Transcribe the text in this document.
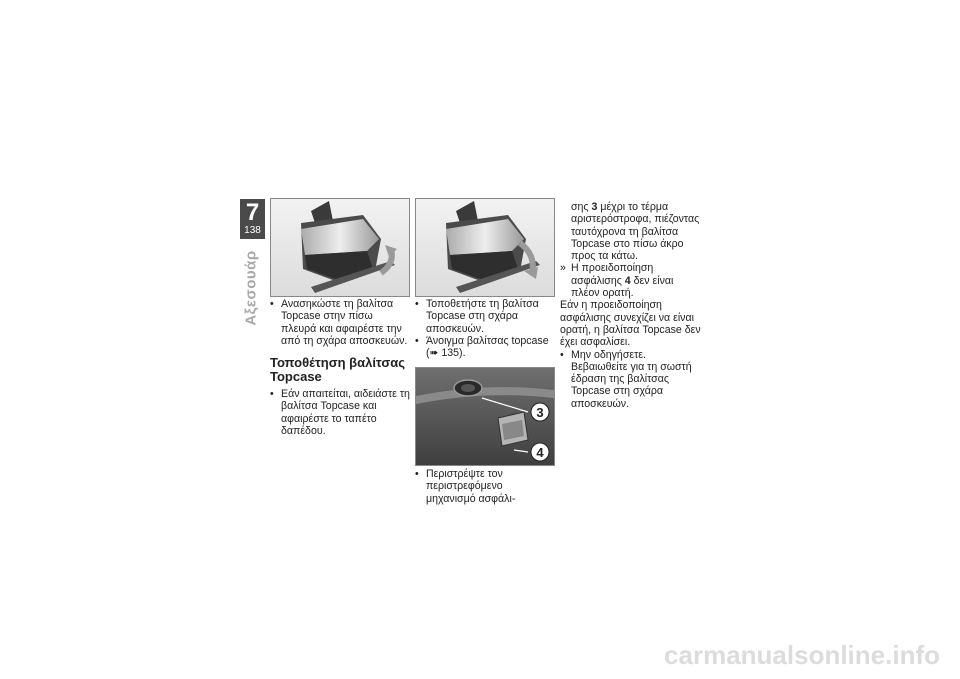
7
138
Αξεσουάρ
3
4

• Ανασηκώστε τη βαλίτσα Topcase στην πίσω πλευρά και αφαιρέστε την από τη σχάρα αποσκευών.

Τοποθέτηση βαλίτσας Topcase

• Εάν απαιτείται, αιδειάστε τη βαλίτσα Topcase και αφαιρέστε το ταπέτο δαπέδου.

• Τοποθετήστε τη βαλίτσα Topcase στη σχάρα αποσκευών.

• Άνοιγμα βαλίτσας topcase
(➠ 135).

• Περιστρέψτε τον περιστρεφόμενο μηχανισμό ασφάλι-

σης 3 μέχρι το τέρμα αριστερόστροφα, πιέζοντας ταυτόχρονα τη βαλίτσα Topcase στο πίσω άκρο προς τα κάτω.

» Η προειδοποίηση ασφάλισης 4 δεν είναι πλέον ορατή.

Εάν η προειδοποίηση ασφάλισης συνεχίζει να είναι ορατή, η βαλίτσα Topcase δεν έχει ασφαλίσει.

• Μην οδηγήσετε. Βεβαιωθείτε για τη σωστή έδραση της βαλίτσας Topcase στη σχάρα αποσκευών.

carmanualsonline.info
